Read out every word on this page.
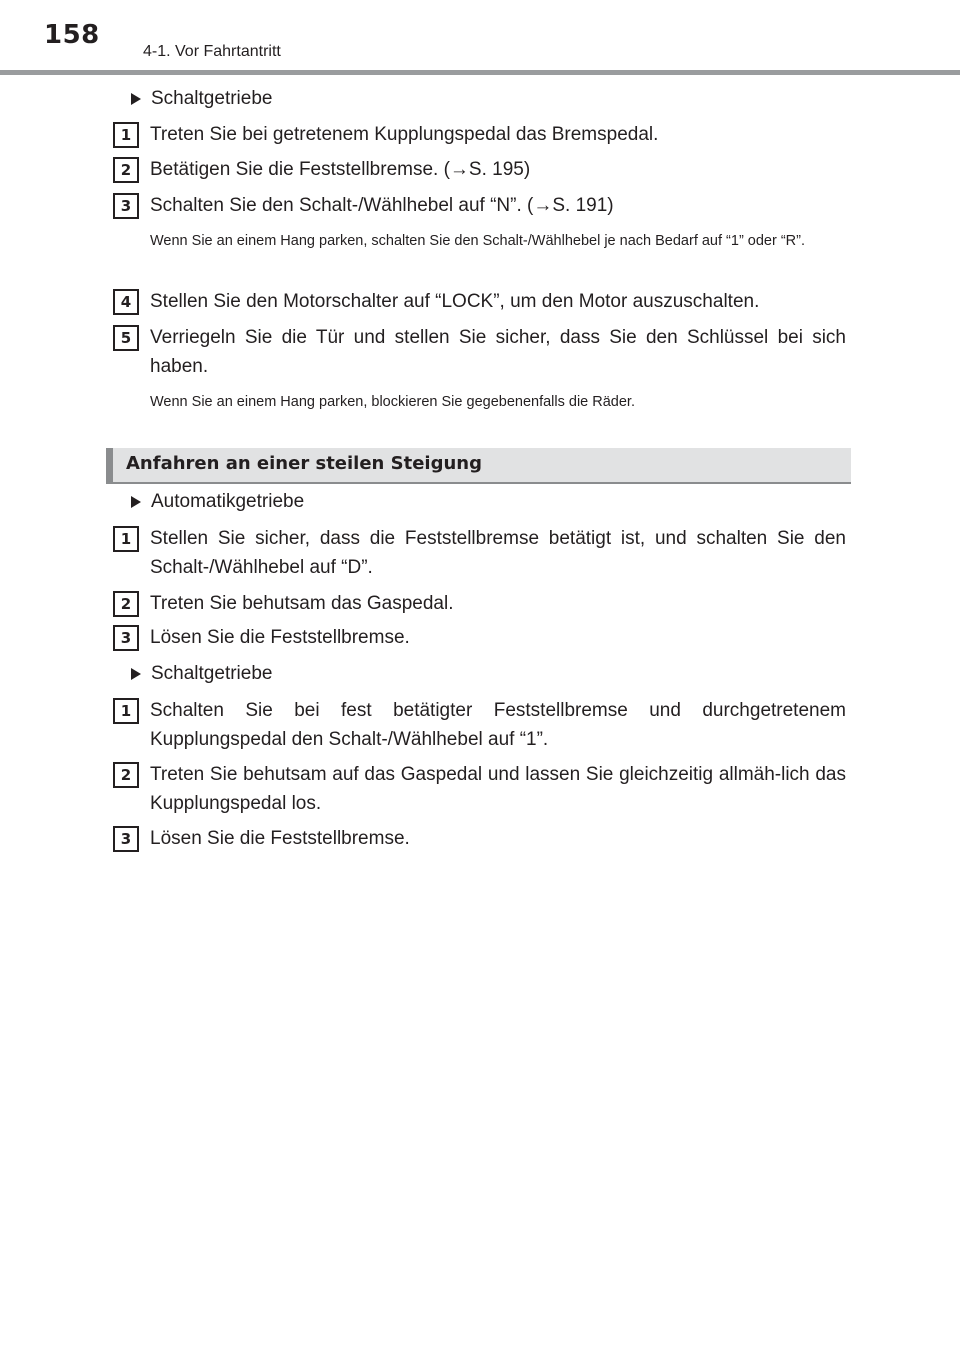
158
4-1. Vor Fahrtantritt
Schaltgetriebe
1 Treten Sie bei getretenem Kupplungspedal das Bremspedal.
2 Betätigen Sie die Feststellbremse. (→S. 195)
3 Schalten Sie den Schalt-/Wählhebel auf “N”. (→S. 191)
Wenn Sie an einem Hang parken, schalten Sie den Schalt-/Wählhebel je nach Bedarf auf “1” oder “R”.
4 Stellen Sie den Motorschalter auf “LOCK”, um den Motor auszuschalten.
5 Verriegeln Sie die Tür und stellen Sie sicher, dass Sie den Schlüssel bei sich haben.
Wenn Sie an einem Hang parken, blockieren Sie gegebenenfalls die Räder.
Anfahren an einer steilen Steigung
Automatikgetriebe
1 Stellen Sie sicher, dass die Feststellbremse betätigt ist, und schalten Sie den Schalt-/Wählhebel auf “D”.
2 Treten Sie behutsam das Gaspedal.
3 Lösen Sie die Feststellbremse.
Schaltgetriebe
1 Schalten Sie bei fest betätigter Feststellbremse und durchgetretenem Kupplungspedal den Schalt-/Wählhebel auf “1”.
2 Treten Sie behutsam auf das Gaspedal und lassen Sie gleichzeitig allmäh-lich das Kupplungspedal los.
3 Lösen Sie die Feststellbremse.
